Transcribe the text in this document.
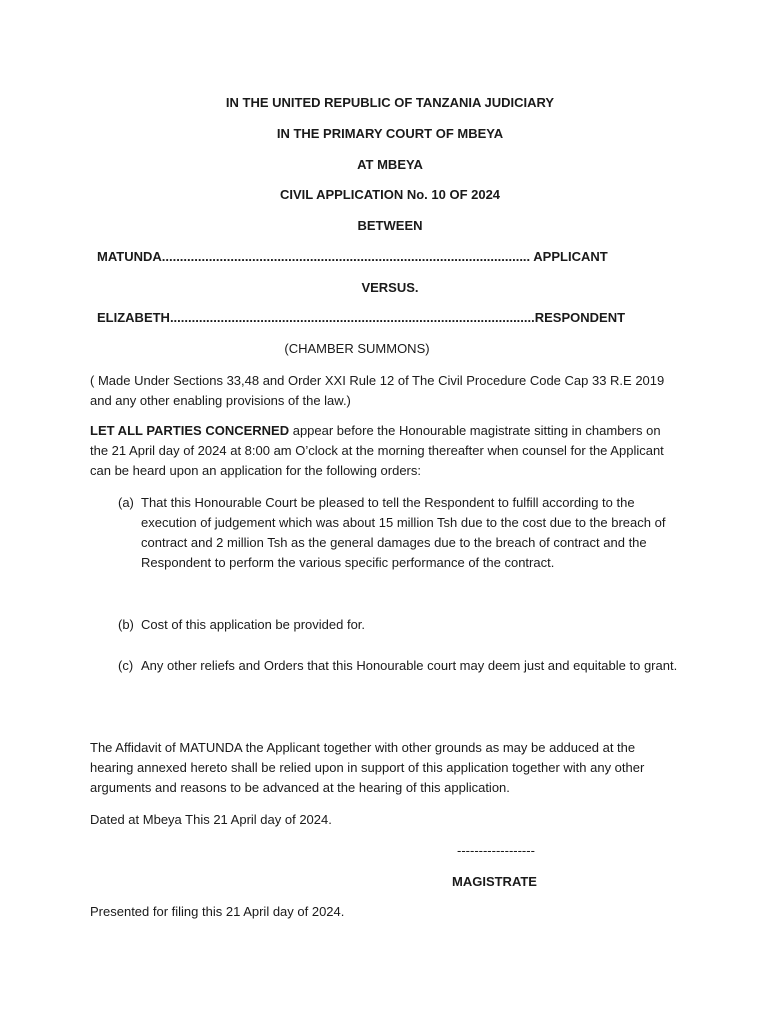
IN THE UNITED REPUBLIC OF TANZANIA JUDICIARY
IN THE PRIMARY COURT OF MBEYA
AT MBEYA
CIVIL APPLICATION No. 10 OF 2024
BETWEEN
MATUNDA...................................................................................................... APPLICANT
VERSUS.
ELIZABETH.....................................................................................................RESPONDENT
(CHAMBER SUMMONS)
( Made Under Sections 33,48 and Order XXI Rule 12 of The Civil Procedure Code Cap 33 R.E 2019 and any other enabling provisions of the law.)
LET ALL PARTIES CONCERNED appear before the Honourable magistrate sitting in chambers on the 21 April day of 2024 at 8:00 am O’clock at the morning thereafter when counsel for the Applicant can be heard upon an application for the following orders:
(a) That this Honourable Court be pleased to tell the Respondent to fulfill according to the execution of judgement which was about 15 million Tsh due to the cost due to the breach of contract and 2 million Tsh as the general damages due to the breach of contract and the Respondent to perform the various specific performance of the contract.
(b) Cost of this application be provided for.
(c) Any other reliefs and Orders that this Honourable court may deem just and equitable to grant.
The Affidavit of MATUNDA the Applicant together with other grounds as may be adduced at the hearing annexed hereto shall be relied upon in support of this application together with any other arguments and reasons to be advanced at the hearing of this application.
Dated at Mbeya This 21 April day of 2024.
------------------
MAGISTRATE
Presented for filing this 21 April day of 2024.
